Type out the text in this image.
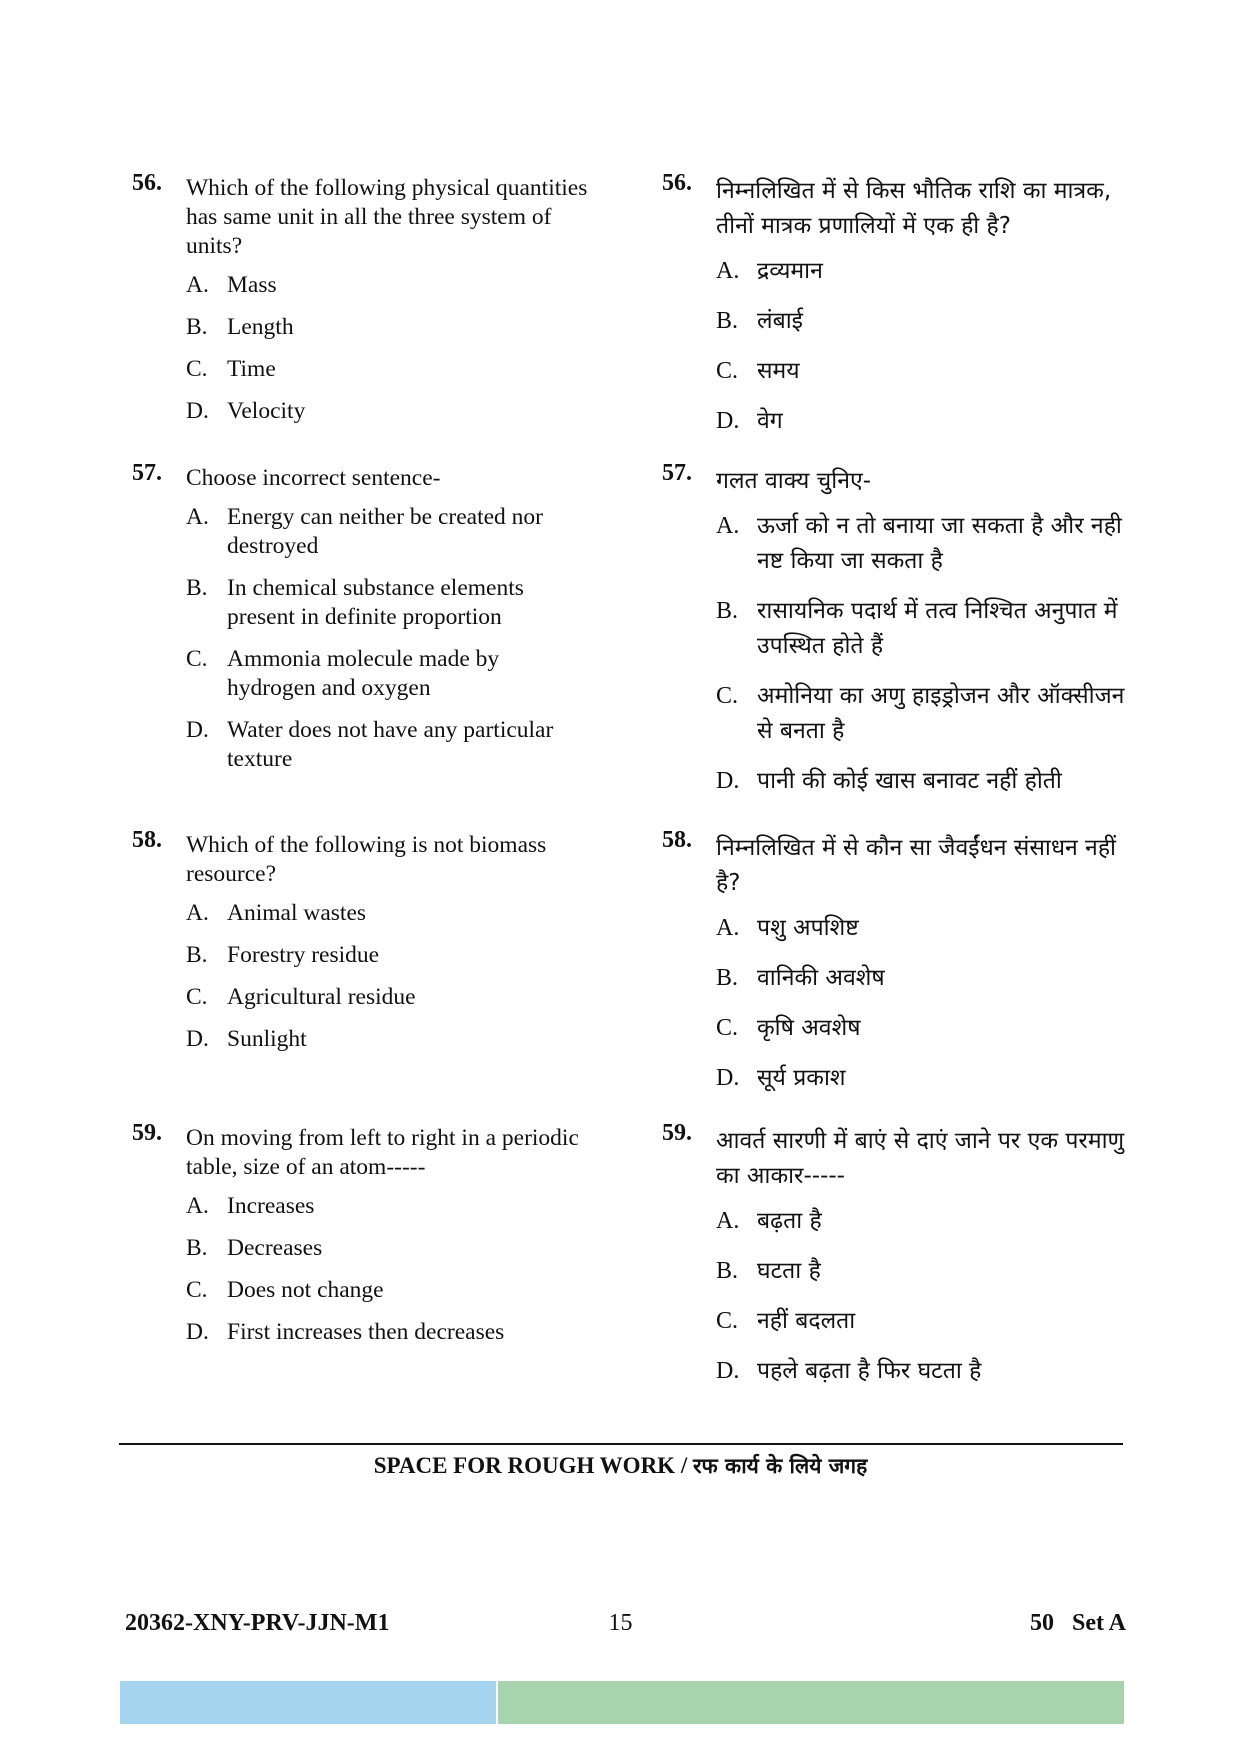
56. Which of the following physical quantities has same unit in all the three system of units?
A. Mass
B. Length
C. Time
D. Velocity
57. Choose incorrect sentence-
A. Energy can neither be created nor destroyed
B. In chemical substance elements present in definite proportion
C. Ammonia molecule made by hydrogen and oxygen
D. Water does not have any particular texture
58. Which of the following is not biomass resource?
A. Animal wastes
B. Forestry residue
C. Agricultural residue
D. Sunlight
59. On moving from left to right in a periodic table, size of an atom-----
A. Increases
B. Decreases
C. Does not change
D. First increases then decreases
56. निम्नलिखित में से किस भौतिक राशि का मात्रक, तीनों मात्रक प्रणालियों में एक ही है?
A. द्रव्यमान
B. लंबाई
C. समय
D. वेग
57. गलत वाक्य चुनिए-
A. ऊर्जा को न तो बनाया जा सकता है और नही नष्ट किया जा सकता है
B. रासायनिक पदार्थ में तत्व निश्चित अनुपात में उपस्थित होते हैं
C. अमोनिया का अणु हाइड्रोजन और ऑक्सीजन से बनता है
D. पानी की कोई खास बनावट नहीं होती
58. निम्नलिखित में से कौन सा जैवईंधन संसाधन नहीं है?
A. पशु अपशिष्ट
B. वानिकी अवशेष
C. कृषि अवशेष
D. सूर्य प्रकाश
59. आवर्त सारणी में बाएं से दाएं जाने पर एक परमाणु का आकार-----
A. बढ़ता है
B. घटता है
C. नहीं बदलता
D. पहले बढ़ता है फिर घटता है
SPACE FOR ROUGH WORK / रफ कार्य के लिये जगह
20362-XNY-PRV-JJN-M1	15	50   Set A
